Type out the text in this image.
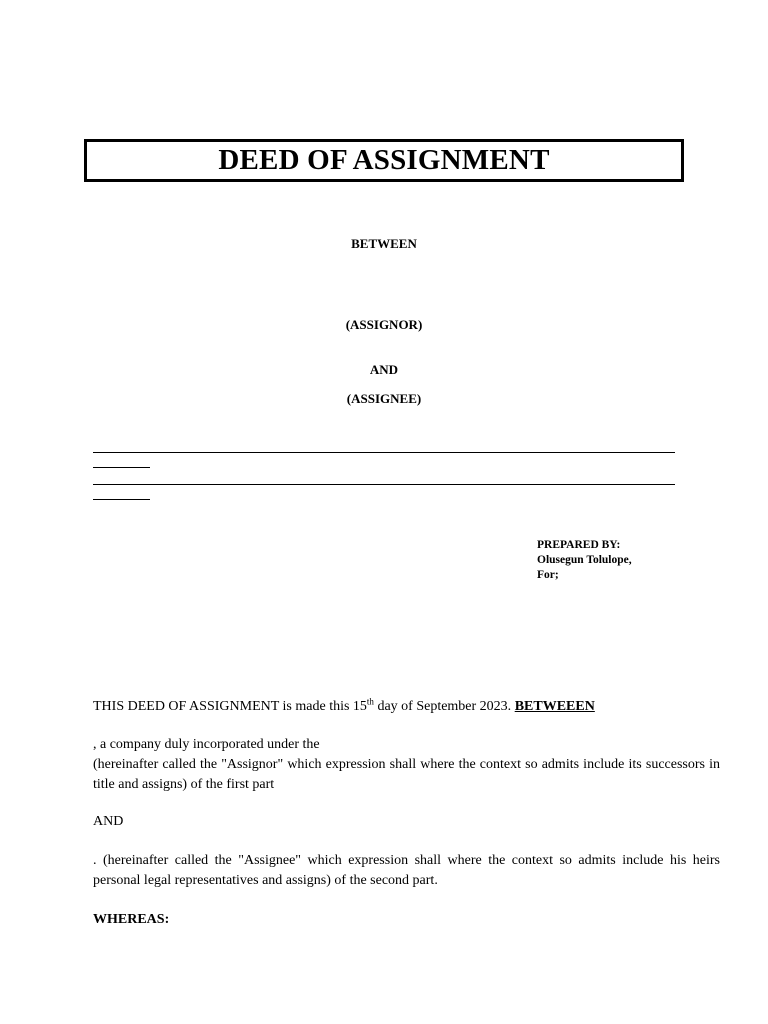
DEED OF ASSIGNMENT
BETWEEN
(ASSIGNOR)
AND
(ASSIGNEE)
PREPARED BY:
Olusegun Tolulope,
For;
THIS DEED OF ASSIGNMENT is made this 15th day of September 2023. BETWEEEN
, a company duly incorporated under the
(hereinafter called the "Assignor" which expression shall where the context so admits include its successors in title and assigns) of the first part
AND
. (hereinafter called the "Assignee" which expression shall where the context so admits include his heirs personal legal representatives and assigns) of the second part.
WHEREAS:
